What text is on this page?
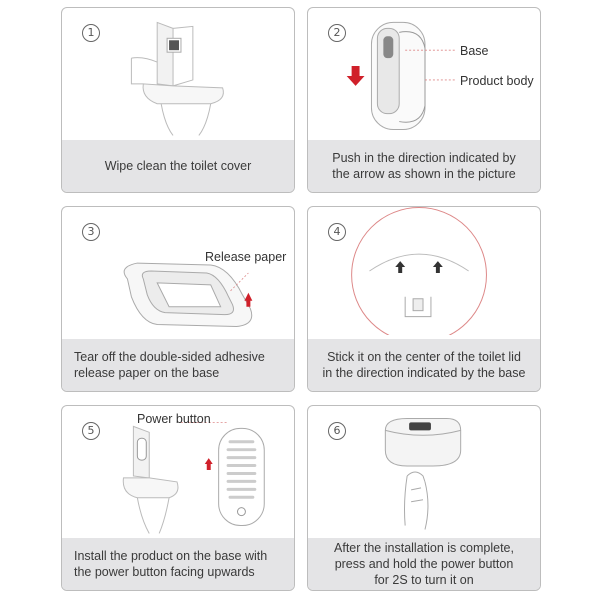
1
Wipe clean the toilet cover
2
Base
Product body
Push in the direction indicated by
the arrow as shown in the picture
3
Release paper
Tear off the double-sided adhesive
release paper on the base
4
Stick it on the center of the toilet lid
in the direction indicated by the base
5
Power button
Install the product on the base with
the power button facing upwards
6
After the installation is complete,
press and hold the power button
for 2S to turn it on
